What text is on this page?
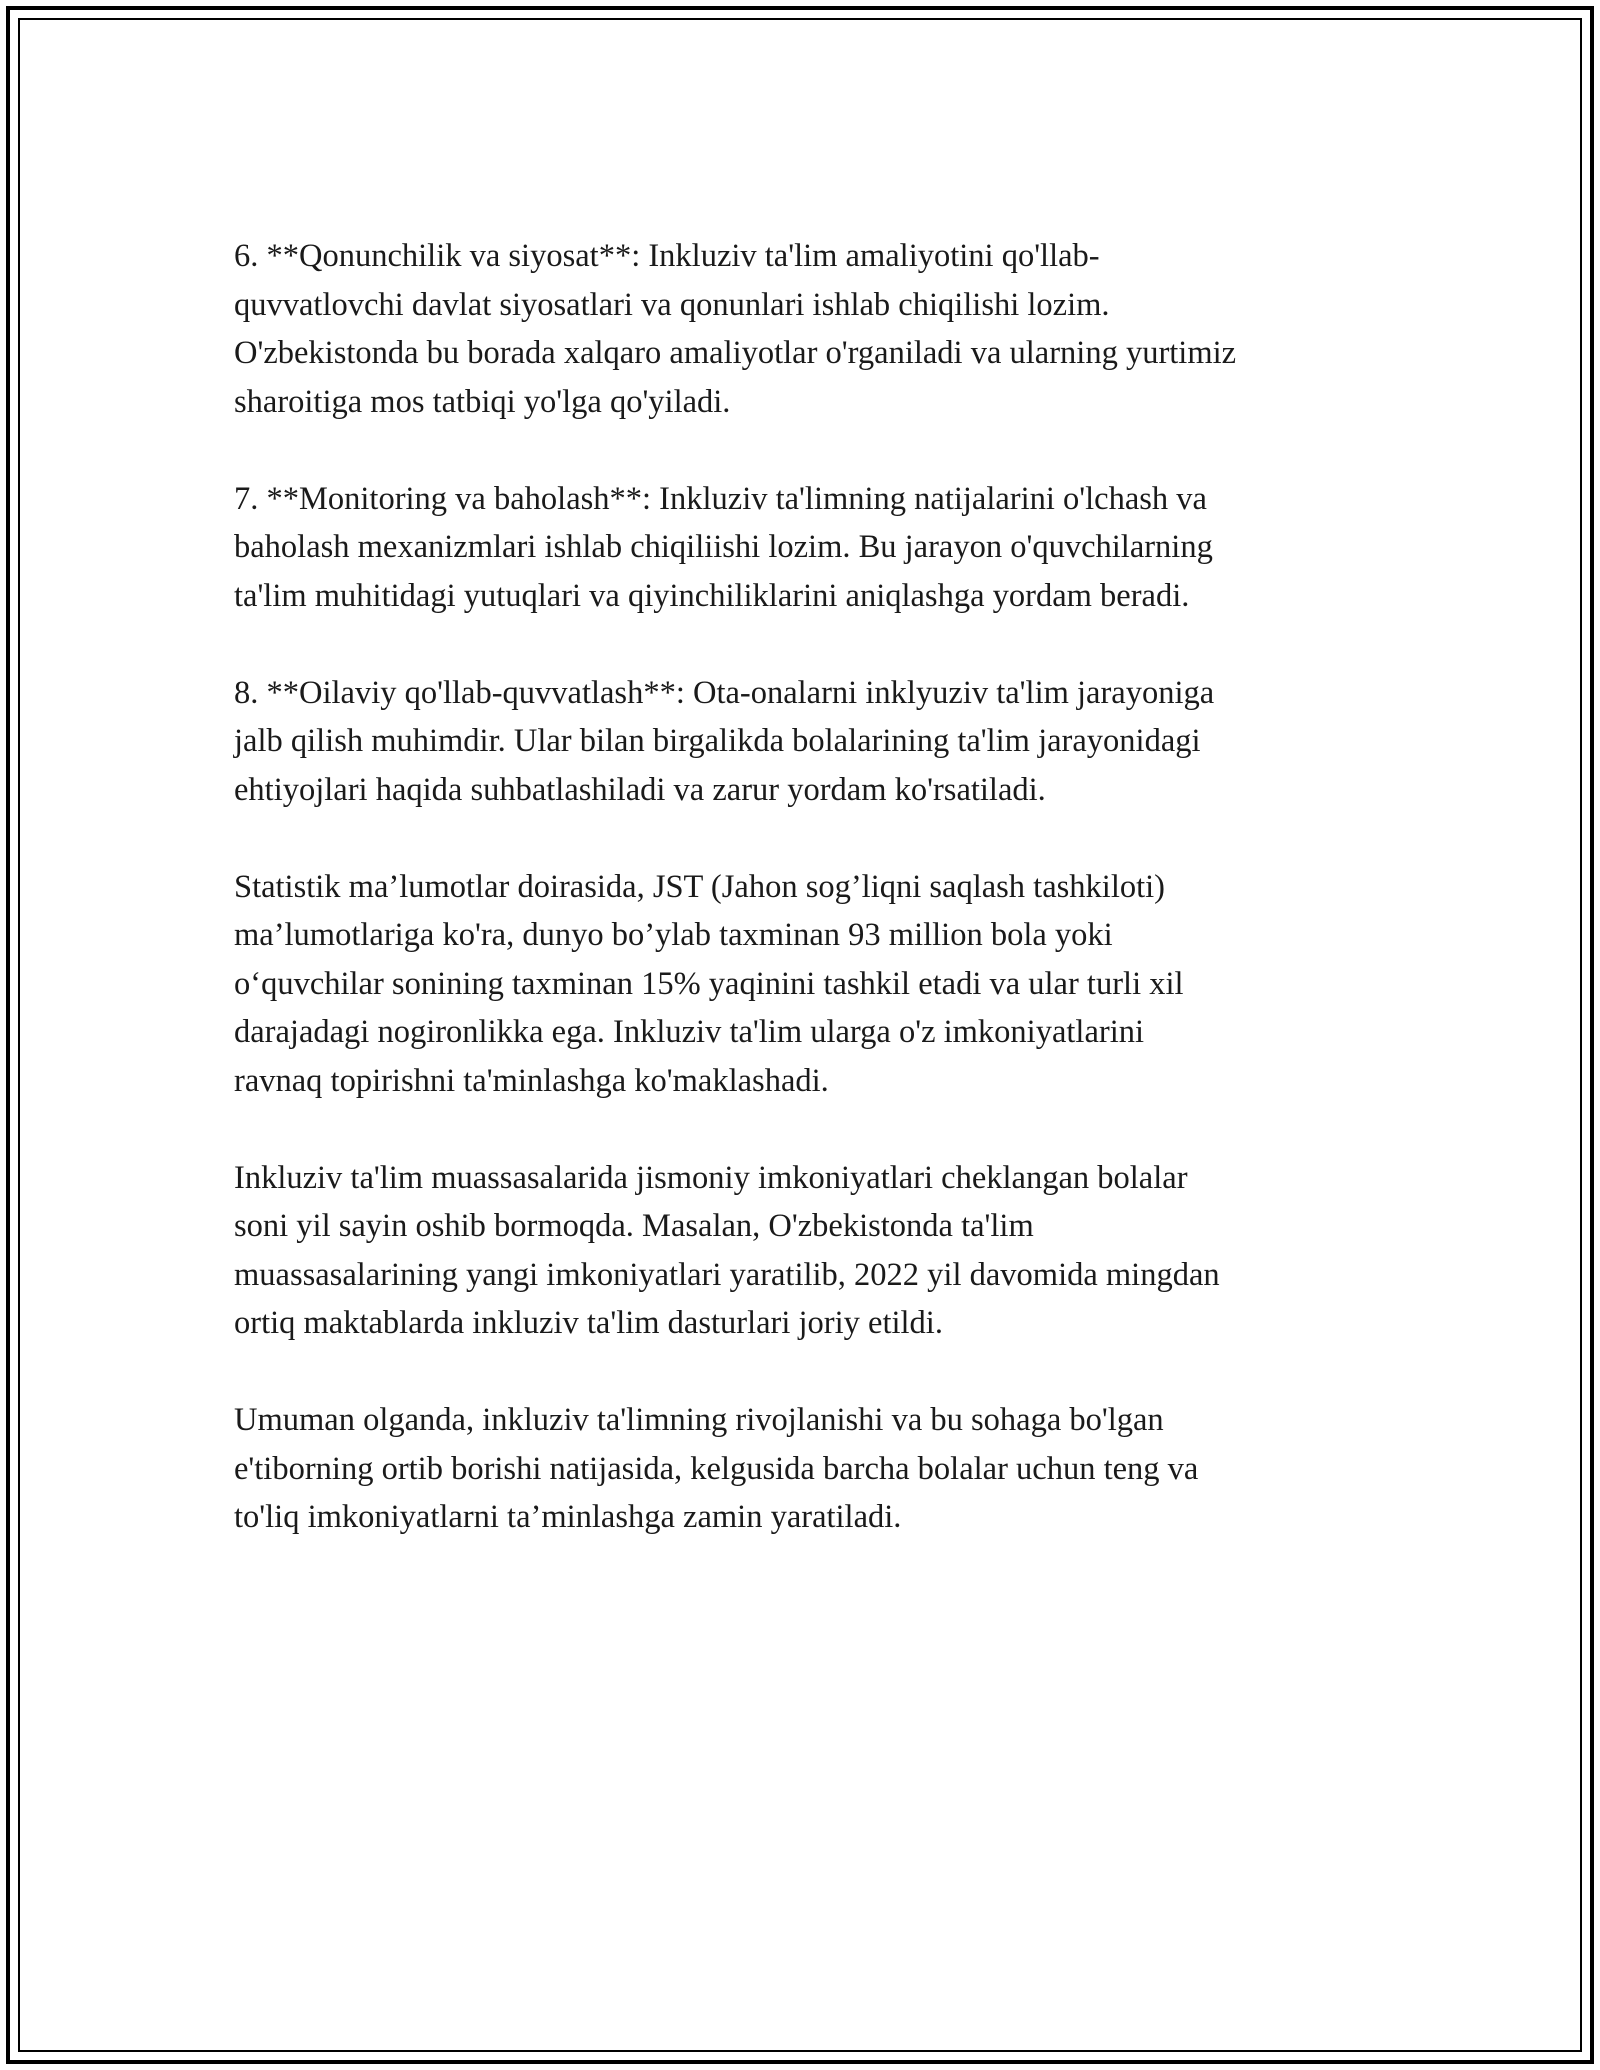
6. **Qonunchilik va siyosat**: Inkluziv ta'lim amaliyotini qo'llab-
quvvatlovchi davlat siyosatlari va qonunlari ishlab chiqilishi lozim.
O'zbekistonda bu borada xalqaro amaliyotlar o'rganiladi va ularning yurtimiz
sharoitiga mos tatbiqi yo'lga qo'yiladi.

7. **Monitoring va baholash**: Inkluziv ta'limning natijalarini o'lchash va
baholash mexanizmlari ishlab chiqiliishi lozim. Bu jarayon o'quvchilarning
ta'lim muhitidagi yutuqlari va qiyinchiliklarini aniqlashga yordam beradi.

8. **Oilaviy qo'llab-quvvatlash**: Ota-onalarni inklyuziv ta'lim jarayoniga
jalb qilish muhimdir. Ular bilan birgalikda bolalarining ta'lim jarayonidagi
ehtiyojlari haqida suhbatlashiladi va zarur yordam ko'rsatiladi.

Statistik ma’lumotlar doirasida, JST (Jahon sog’liqni saqlash tashkiloti)
ma’lumotlariga ko'ra, dunyo bo’ylab taxminan 93 million bola yoki
o‘quvchilar sonining taxminan 15% yaqinini tashkil etadi va ular turli xil
darajadagi nogironlikka ega. Inkluziv ta'lim ularga o'z imkoniyatlarini
ravnaq topirishni ta'minlashga ko'maklashadi.

Inkluziv ta'lim muassasalarida jismoniy imkoniyatlari cheklangan bolalar
soni yil sayin oshib bormoqda. Masalan, O'zbekistonda ta'lim
muassasalarining yangi imkoniyatlari yaratilib, 2022 yil davomida mingdan
ortiq maktablarda inkluziv ta'lim dasturlari joriy etildi.

Umuman olganda, inkluziv ta'limning rivojlanishi va bu sohaga bo'lgan
e'tiborning ortib borishi natijasida, kelgusida barcha bolalar uchun teng va
to'liq imkoniyatlarni ta’minlashga zamin yaratiladi.
